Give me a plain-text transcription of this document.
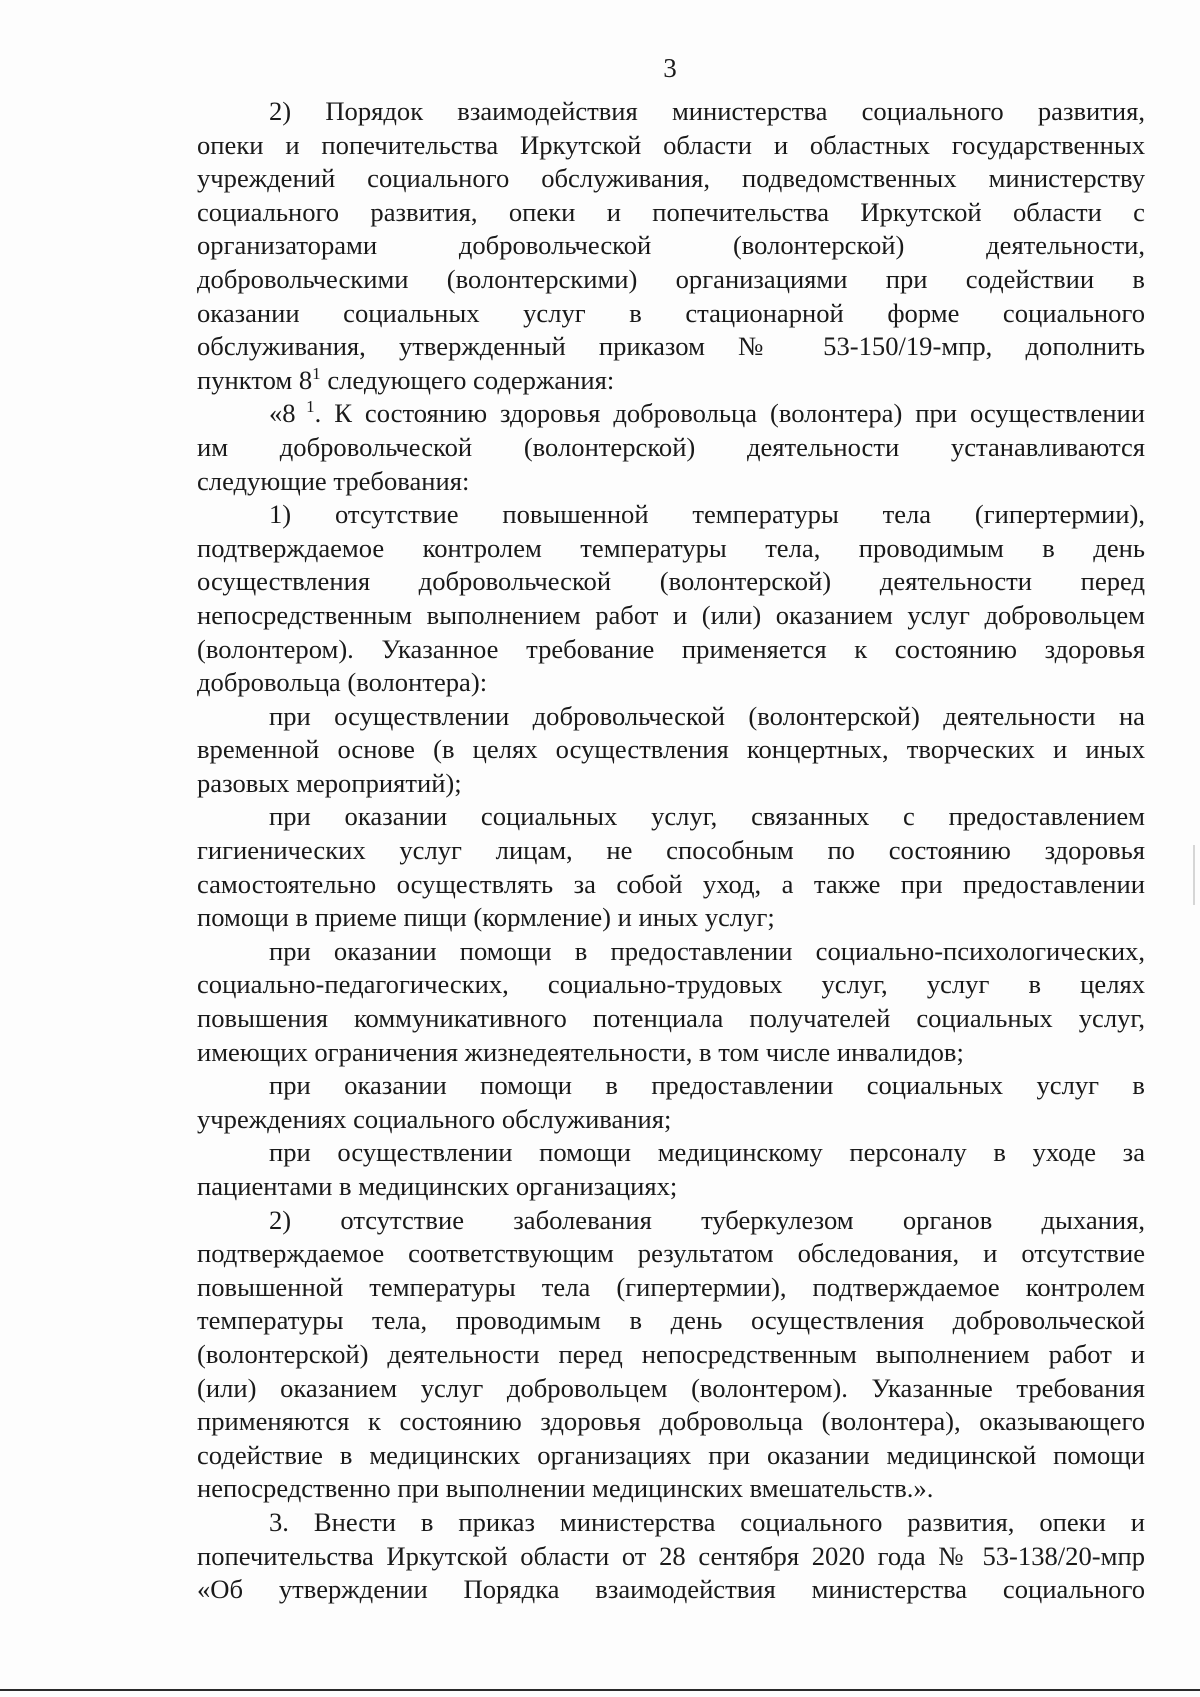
3
2) Порядок взаимодействия министерства социального развития,
опеки и попечительства Иркутской области и областных государственных
учреждений социального обслуживания, подведомственных министерству
социального развития, опеки и попечительства Иркутской области с
организаторами добровольческой (волонтерской) деятельности,
добровольческими (волонтерскими) организациями при содействии в
оказании социальных услуг в стационарной форме социального
обслуживания, утвержденный приказом № 53-150/19-мпр, дополнить
пунктом $8^1$ следующего содержания:
«8 $^1$. К состоянию здоровья добровольца (волонтера) при осуществлении
им добровольческой (волонтерской) деятельности устанавливаются
следующие требования:
1) отсутствие повышенной температуры тела (гипертермии),
подтверждаемое контролем температуры тела, проводимым в день
осуществления добровольческой (волонтерской) деятельности перед
непосредственным выполнением работ и (или) оказанием услуг добровольцем
(волонтером). Указанное требование применяется к состоянию здоровья
добровольца (волонтера):
при осуществлении добровольческой (волонтерской) деятельности на
временной основе (в целях осуществления концертных, творческих и иных
разовых мероприятий);
при оказании социальных услуг, связанных с предоставлением
гигиенических услуг лицам, не способным по состоянию здоровья
самостоятельно осуществлять за собой уход, а также при предоставлении
помощи в приеме пищи (кормление) и иных услуг;
при оказании помощи в предоставлении социально-психологических,
социально-педагогических, социально-трудовых услуг, услуг в целях
повышения коммуникативного потенциала получателей социальных услуг,
имеющих ограничения жизнедеятельности, в том числе инвалидов;
при оказании помощи в предоставлении социальных услуг в
учреждениях социального обслуживания;
при осуществлении помощи медицинскому персоналу в уходе за
пациентами в медицинских организациях;
2) отсутствие заболевания туберкулезом органов дыхания,
подтверждаемое соответствующим результатом обследования, и отсутствие
повышенной температуры тела (гипертермии), подтверждаемое контролем
температуры тела, проводимым в день осуществления добровольческой
(волонтерской) деятельности перед непосредственным выполнением работ и
(или) оказанием услуг добровольцем (волонтером). Указанные требования
применяются к состоянию здоровья добровольца (волонтера), оказывающего
содействие в медицинских организациях при оказании медицинской помощи
непосредственно при выполнении медицинских вмешательств.».
3. Внести в приказ министерства социального развития, опеки и
попечительства Иркутской области от 28 сентября 2020 года № 53-138/20-мпр
«Об утверждении Порядка взаимодействия министерства социального
